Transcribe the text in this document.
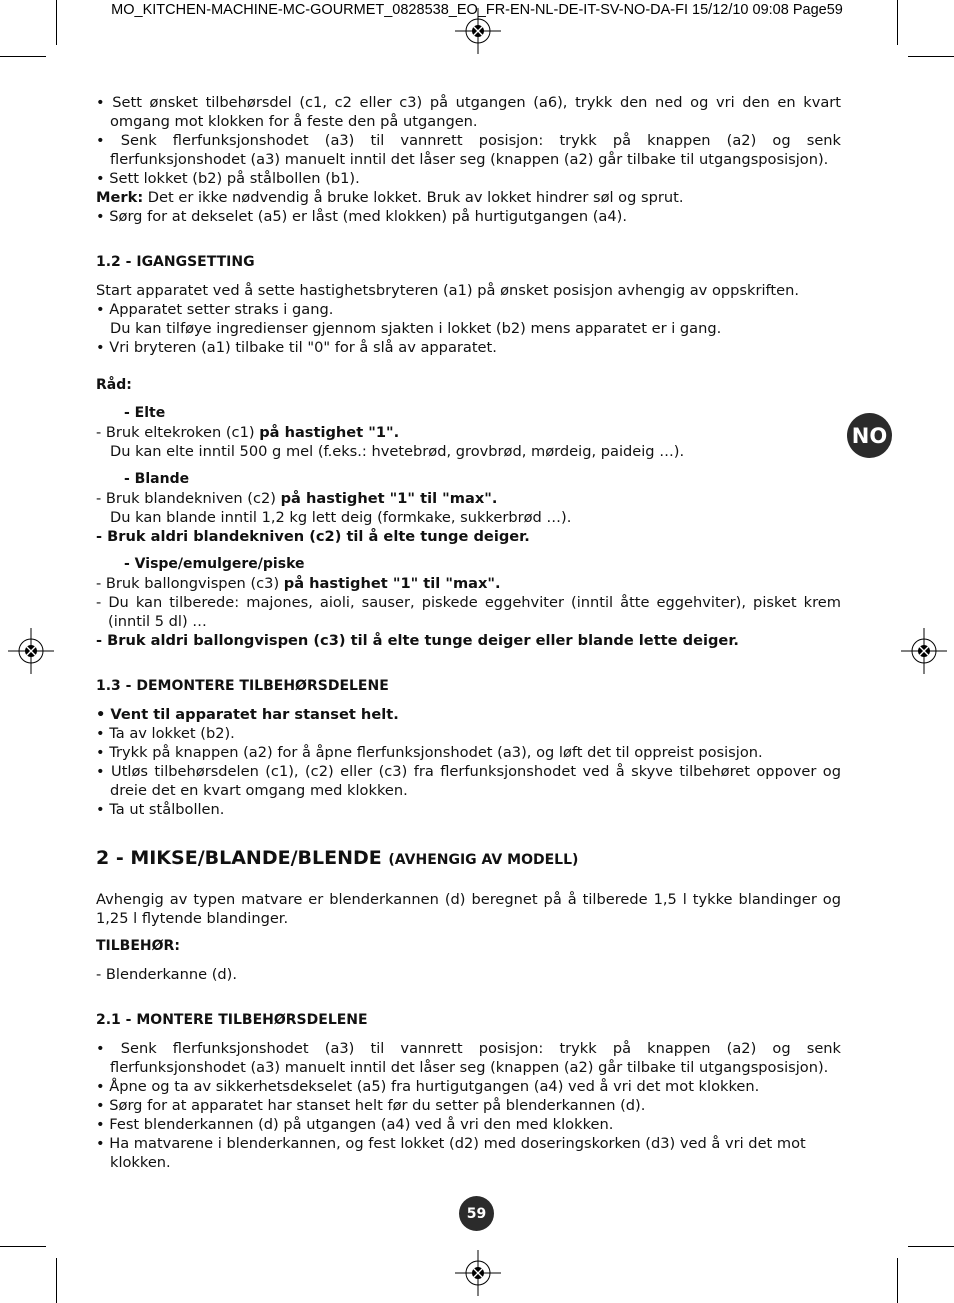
MO_KITCHEN-MACHINE-MC-GOURMET_0828538_EO_FR-EN-NL-DE-IT-SV-NO-DA-FI 15/12/10 09:08 Page59
NO

• Sett ønsket tilbehørsdel (c1, c2 eller c3) på utgangen (a6), trykk den ned og vri den en kvart omgang mot klokken for å feste den på utgangen.

• Senk flerfunksjonshodet (a3) til vannrett posisjon: trykk på knappen (a2) og senk flerfunksjonshodet (a3) manuelt inntil det låser seg (knappen (a2) går tilbake til utgangsposisjon).

• Sett lokket (b2) på stålbollen (b1).

Merk: Det er ikke nødvendig å bruke lokket. Bruk av lokket hindrer søl og sprut.

• Sørg for at dekselet (a5) er låst (med klokken) på hurtigutgangen (a4).

1.2 - IGANGSETTING

Start apparatet ved å sette hastighetsbryteren (a1) på ønsket posisjon avhengig av oppskriften.

• Apparatet setter straks i gang.

Du kan tilføye ingredienser gjennom sjakten i lokket (b2) mens apparatet er i gang.

• Vri bryteren (a1) tilbake til "0" for å slå av apparatet.

Råd:

- Elte

- Bruk eltekroken (c1) på hastighet "1".

Du kan elte inntil 500 g mel (f.eks.: hvetebrød, grovbrød, mørdeig, paideig …).

- Blande

- Bruk blandekniven (c2) på hastighet "1" til "max".

Du kan blande inntil 1,2 kg lett deig (formkake, sukkerbrød …).

- Bruk aldri blandekniven (c2) til å elte tunge deiger.

- Vispe/emulgere/piske

- Bruk ballongvispen (c3) på hastighet "1" til "max".

- Du kan tilberede: majones, aioli, sauser, piskede eggehviter (inntil åtte eggehviter), pisket krem (inntil 5 dl) …

- Bruk aldri ballongvispen (c3) til å elte tunge deiger eller blande lette deiger.

1.3 - DEMONTERE TILBEHØRSDELENE

• Vent til apparatet har stanset helt.

• Ta av lokket (b2).

• Trykk på knappen (a2) for å åpne flerfunksjonshodet (a3), og løft det til oppreist posisjon.

• Utløs tilbehørsdelen (c1), (c2) eller (c3) fra flerfunksjonshodet ved å skyve tilbehøret oppover og dreie det en kvart omgang med klokken.

• Ta ut stålbollen.

2 - MIKSE/BLANDE/BLENDE (AVHENGIG AV MODELL)

Avhengig av typen matvare er blenderkannen (d) beregnet på å tilberede 1,5 l tykke blandinger og 1,25 l flytende blandinger.

TILBEHØR:

- Blenderkanne (d).

2.1 - MONTERE TILBEHØRSDELENE

• Senk flerfunksjonshodet (a3) til vannrett posisjon: trykk på knappen (a2) og senk flerfunksjonshodet (a3) manuelt inntil det låser seg (knappen (a2) går tilbake til utgangsposisjon).

• Åpne og ta av sikkerhetsdekselet (a5) fra hurtigutgangen (a4) ved å vri det mot klokken.

• Sørg for at apparatet har stanset helt før du setter på blenderkannen (d).

• Fest blenderkannen (d) på utgangen (a4) ved å vri den med klokken.

• Ha matvarene i blenderkannen, og fest lokket (d2) med doseringskorken (d3) ved å vri det mot klokken.

59
